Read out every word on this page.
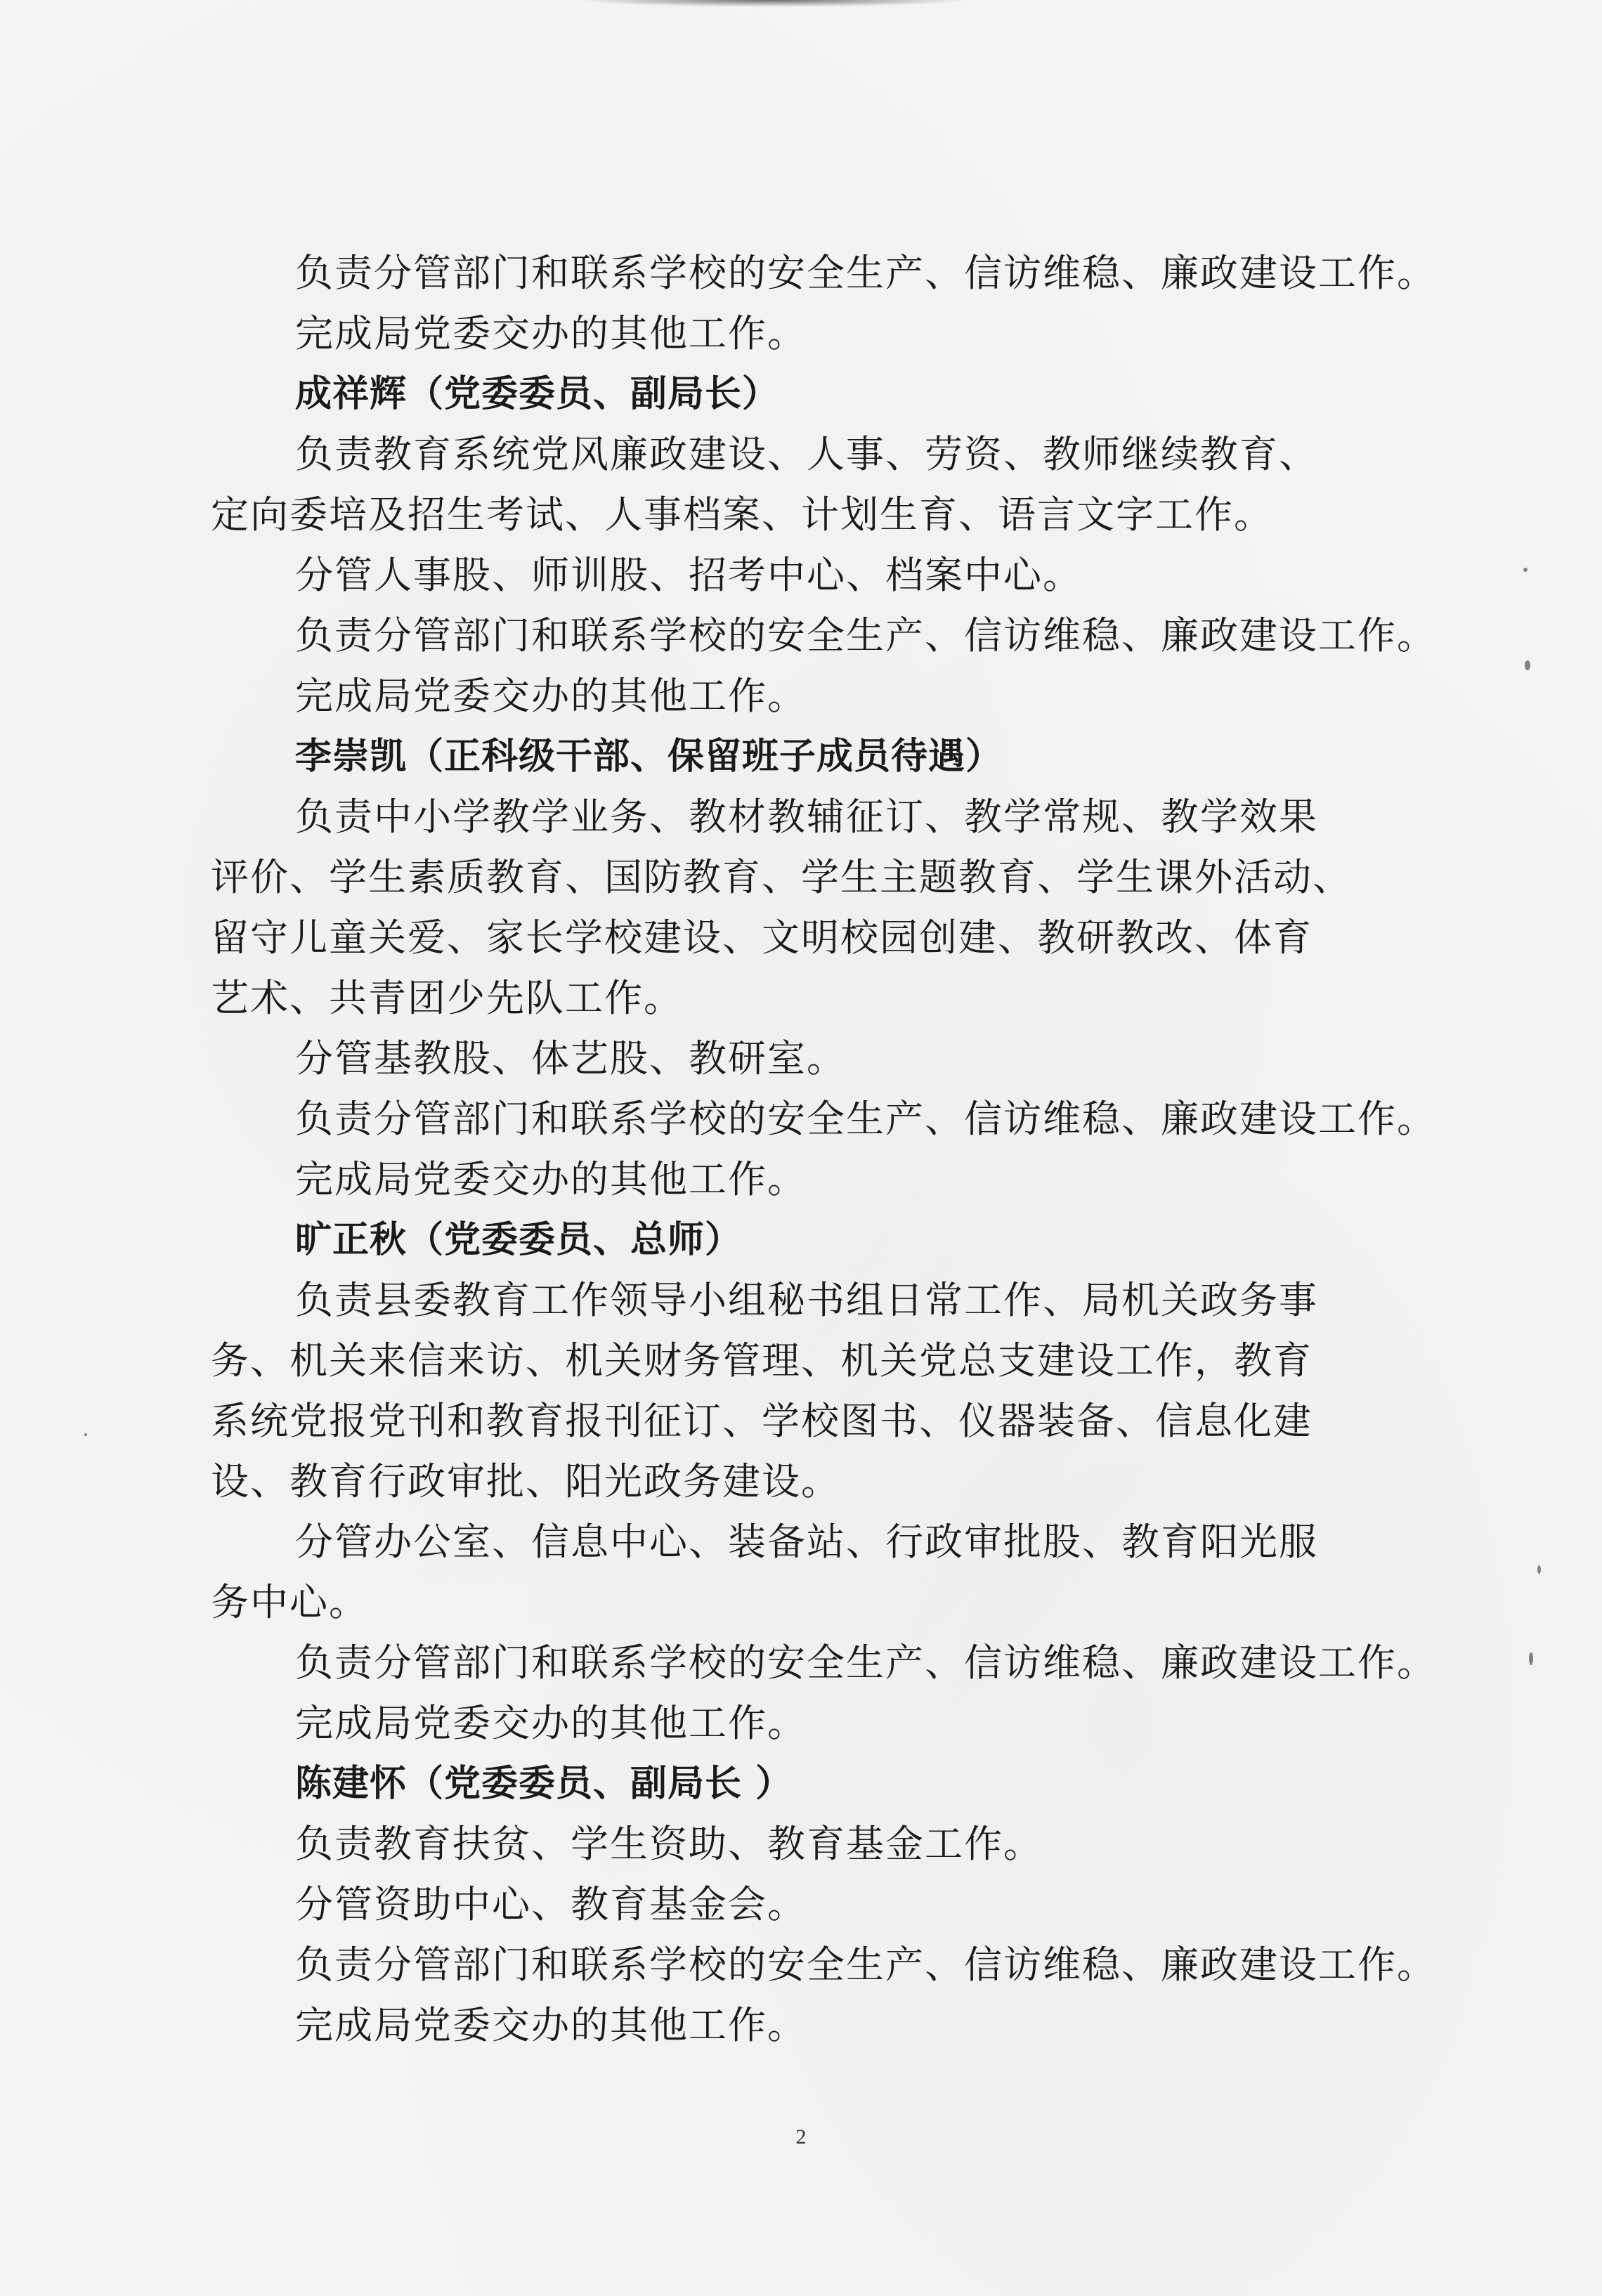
负责分管部门和联系学校的安全生产、信访维稳、廉政建设工作。
完成局党委交办的其他工作。
成祥辉（党委委员、副局长）
负责教育系统党风廉政建设、人事、劳资、教师继续教育、
定向委培及招生考试、人事档案、计划生育、语言文字工作。
分管人事股、师训股、招考中心、档案中心。
负责分管部门和联系学校的安全生产、信访维稳、廉政建设工作。
完成局党委交办的其他工作。
李崇凯（正科级干部、保留班子成员待遇）
负责中小学教学业务、教材教辅征订、教学常规、教学效果
评价、学生素质教育、国防教育、学生主题教育、学生课外活动、
留守儿童关爱、家长学校建设、文明校园创建、教研教改、体育
艺术、共青团少先队工作。
分管基教股、体艺股、教研室。
负责分管部门和联系学校的安全生产、信访维稳、廉政建设工作。
完成局党委交办的其他工作。
旷正秋（党委委员、总师）
负责县委教育工作领导小组秘书组日常工作、局机关政务事
务、机关来信来访、机关财务管理、机关党总支建设工作，教育
系统党报党刊和教育报刊征订、学校图书、仪器装备、信息化建
设、教育行政审批、阳光政务建设。
分管办公室、信息中心、装备站、行政审批股、教育阳光服
务中心。
负责分管部门和联系学校的安全生产、信访维稳、廉政建设工作。
完成局党委交办的其他工作。
陈建怀（党委委员、副局长 ）
负责教育扶贫、学生资助、教育基金工作。
分管资助中心、教育基金会。
负责分管部门和联系学校的安全生产、信访维稳、廉政建设工作。
完成局党委交办的其他工作。
2
